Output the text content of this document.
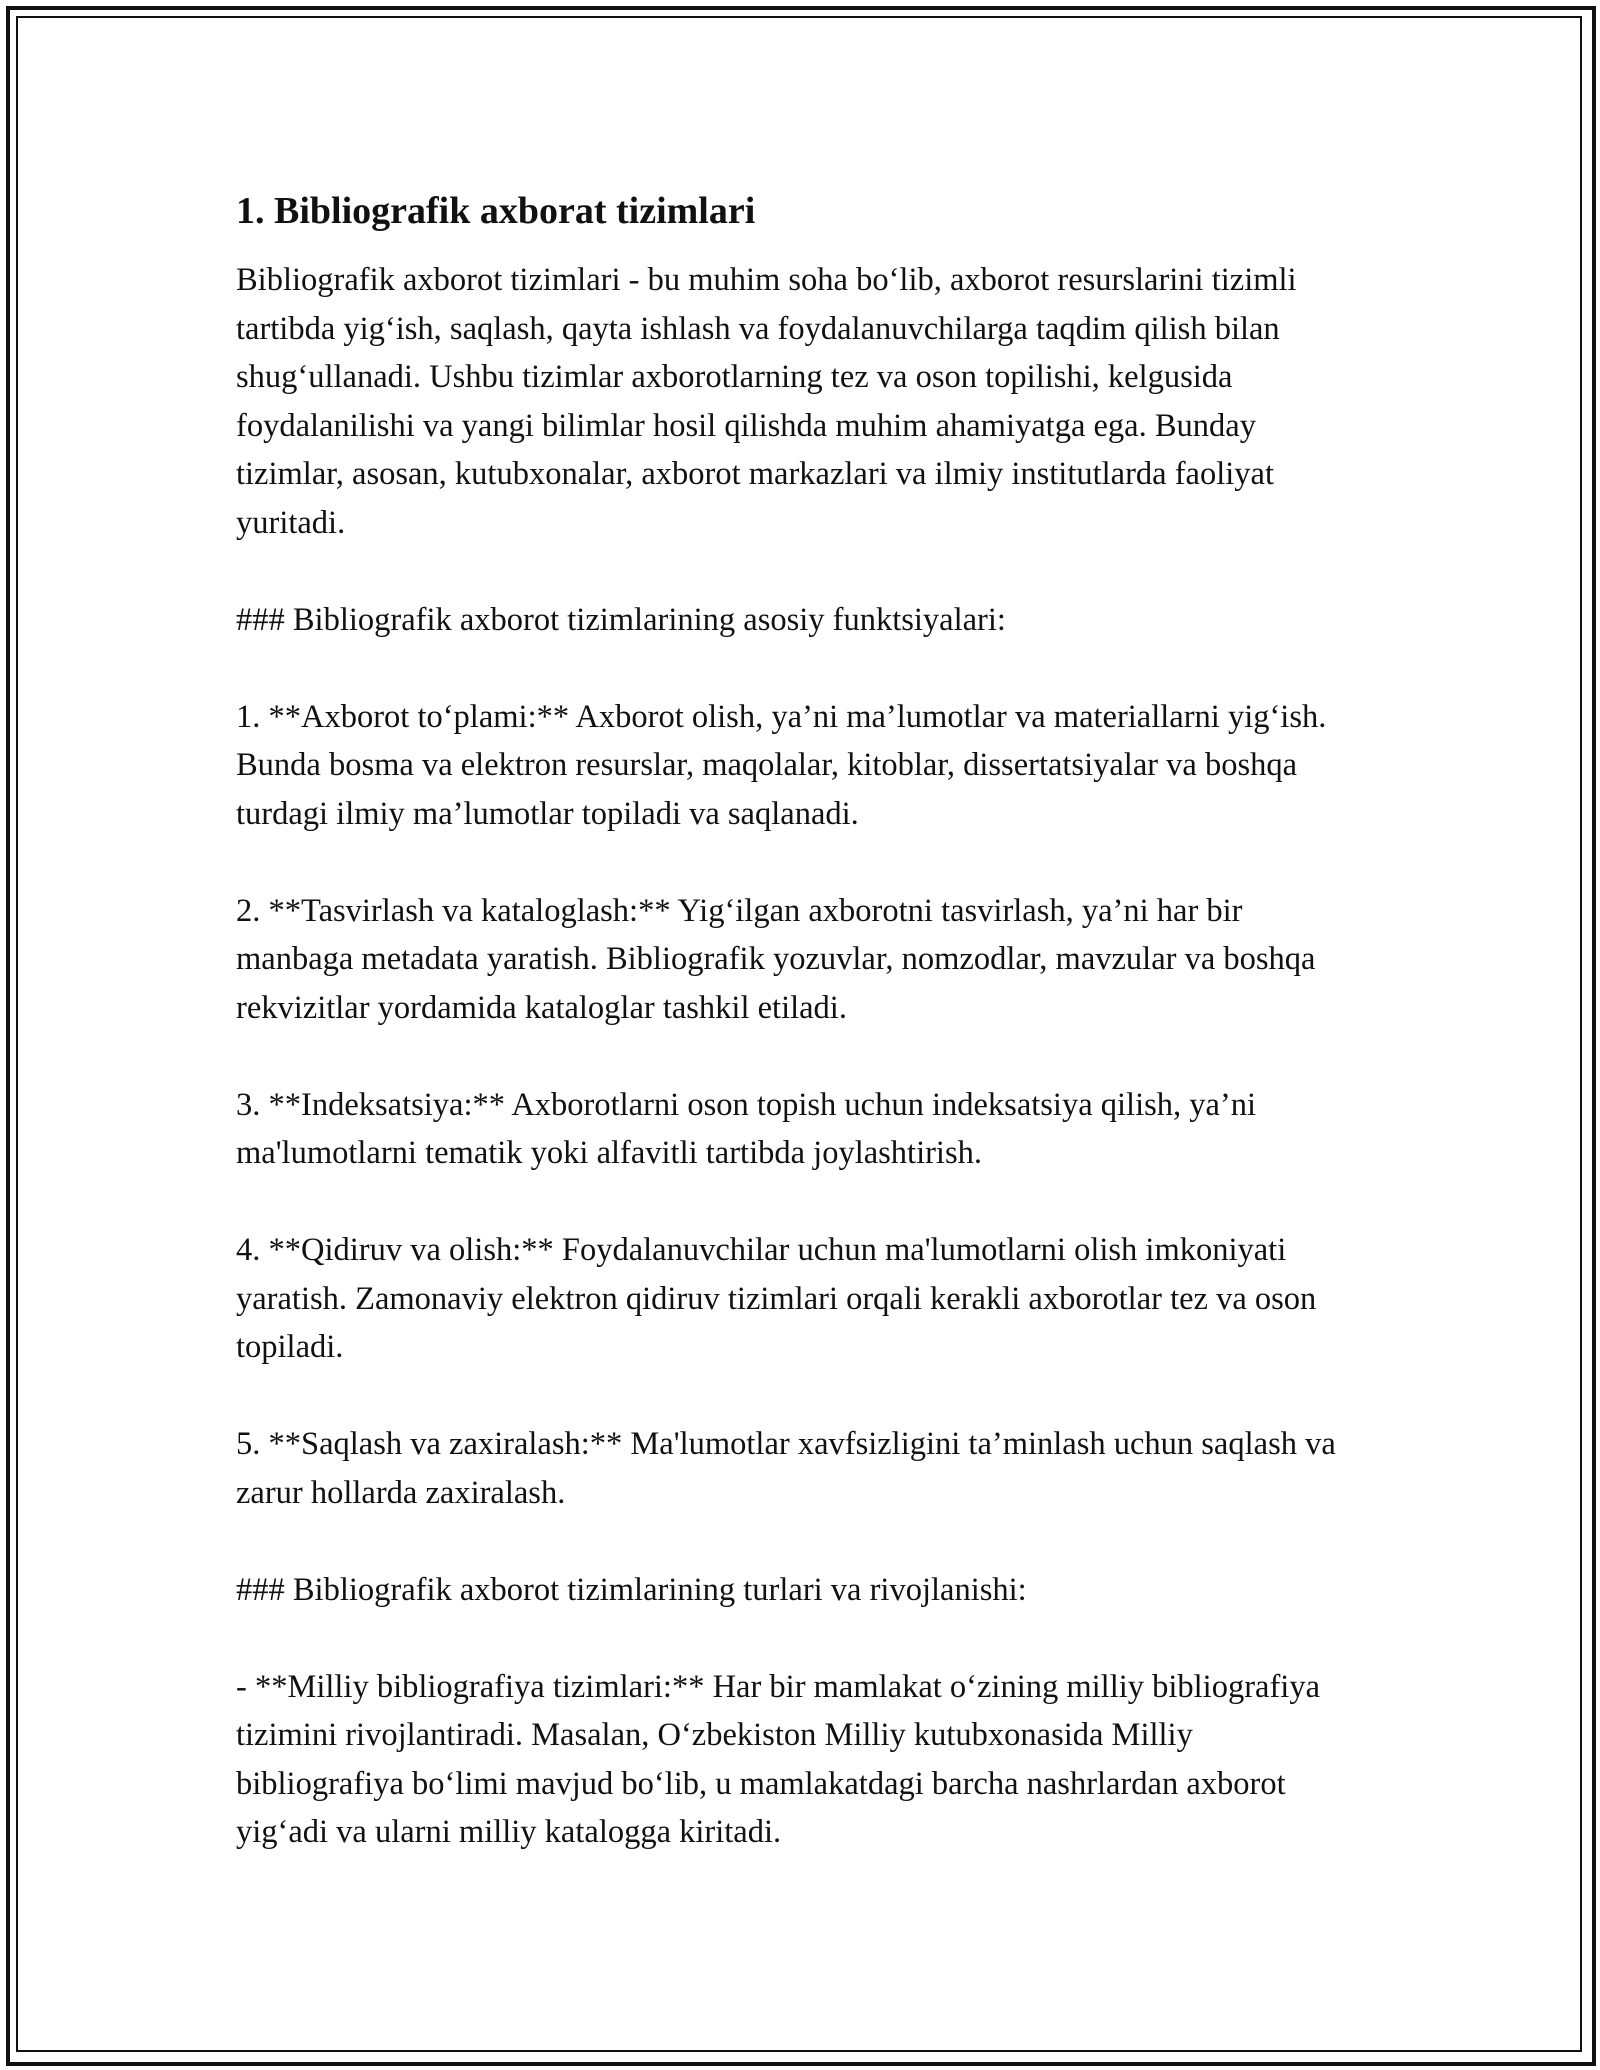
1. Bibliografik axborat tizimlari

Bibliografik axborot tizimlari - bu muhim soha bo‘lib, axborot resurslarini tizimli tartibda yig‘ish, saqlash, qayta ishlash va foydalanuvchilarga taqdim qilish bilan shug‘ullanadi. Ushbu tizimlar axborotlarning tez va oson topilishi, kelgusida foydalanilishi va yangi bilimlar hosil qilishda muhim ahamiyatga ega. Bunday tizimlar, asosan, kutubxonalar, axborot markazlari va ilmiy institutlarda faoliyat yuritadi.

### Bibliografik axborot tizimlarining asosiy funktsiyalari:

1. **Axborot to‘plami:** Axborot olish, ya’ni ma’lumotlar va materiallarni yig‘ish. Bunda bosma va elektron resurslar, maqolalar, kitoblar, dissertatsiyalar va boshqa turdagi ilmiy ma’lumotlar topiladi va saqlanadi.

2. **Tasvirlash va kataloglash:** Yig‘ilgan axborotni tasvirlash, ya’ni har bir manbaga metadata yaratish. Bibliografik yozuvlar, nomzodlar, mavzular va boshqa rekvizitlar yordamida kataloglar tashkil etiladi.

3. **Indeksatsiya:** Axborotlarni oson topish uchun indeksatsiya qilish, ya’ni ma'lumotlarni tematik yoki alfavitli tartibda joylashtirish.

4. **Qidiruv va olish:** Foydalanuvchilar uchun ma'lumotlarni olish imkoniyati yaratish. Zamonaviy elektron qidiruv tizimlari orqali kerakli axborotlar tez va oson topiladi.

5. **Saqlash va zaxiralash:** Ma'lumotlar xavfsizligini ta’minlash uchun saqlash va zarur hollarda zaxiralash.

### Bibliografik axborot tizimlarining turlari va rivojlanishi:

- **Milliy bibliografiya tizimlari:** Har bir mamlakat o‘zining milliy bibliografiya tizimini rivojlantiradi. Masalan, O‘zbekiston Milliy kutubxonasida Milliy bibliografiya bo‘limi mavjud bo‘lib, u mamlakatdagi barcha nashrlardan axborot yig‘adi va ularni milliy katalogga kiritadi.
